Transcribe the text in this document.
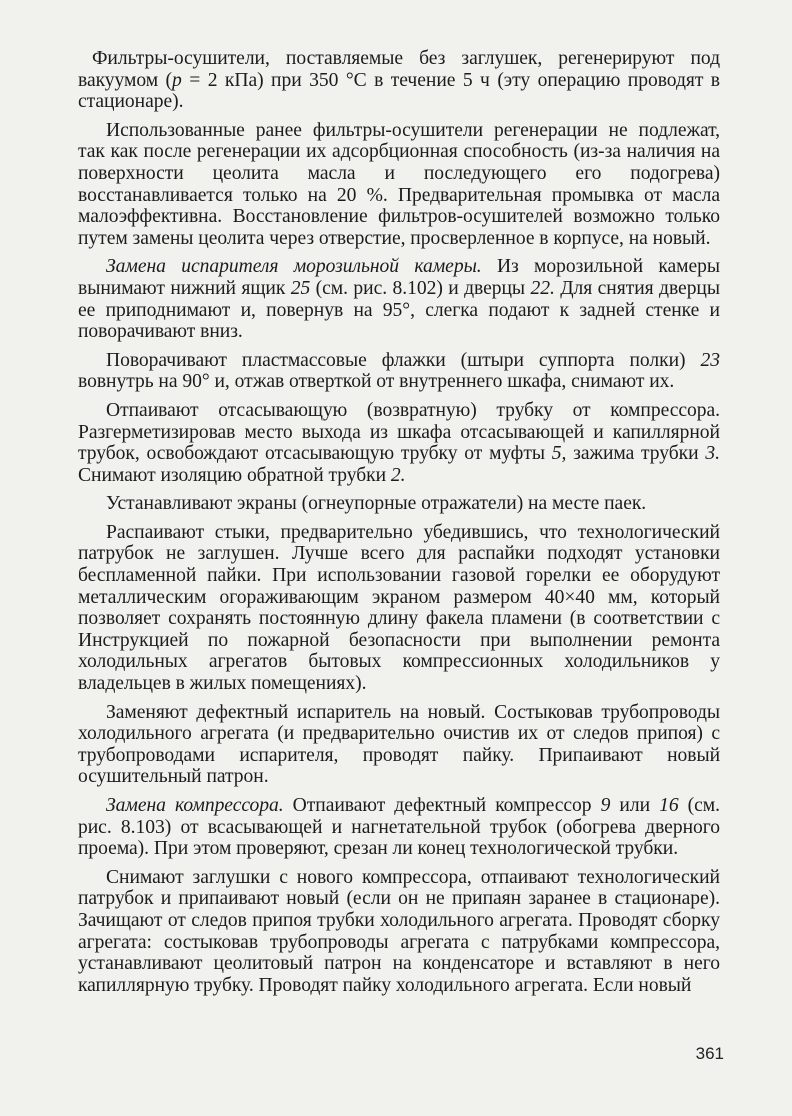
Фильтры-осушители, поставляемые без заглушек, регенерируют под вакуумом (p = 2 кПа) при 350 °С в течение 5 ч (эту операцию проводят в стационаре).

Использованные ранее фильтры-осушители регенерации не подлежат, так как после регенерации их адсорбционная способность (из-за наличия на поверхности цеолита масла и последующего его подогрева) восстанавливается только на 20 %. Предварительная промывка от масла малоэффективна. Восстановление фильтров-осушителей возможно только путем замены цеолита через отверстие, просверленное в корпусе, на новый.

Замена испарителя морозильной камеры. Из морозильной камеры вынимают нижний ящик 25 (см. рис. 8.102) и дверцы 22. Для снятия дверцы ее приподнимают и, повернув на 95°, слегка подают к задней стенке и поворачивают вниз.

Поворачивают пластмассовые флажки (штыри суппорта полки) 23 вовнутрь на 90° и, отжав отверткой от внутреннего шкафа, снимают их.

Отпаивают отсасывающую (возвратную) трубку от компрессора. Разгерметизировав место выхода из шкафа отсасывающей и капиллярной трубок, освобождают отсасывающую трубку от муфты 5, зажима трубки 3. Снимают изоляцию обратной трубки 2.

Устанавливают экраны (огнеупорные отражатели) на месте паек.

Распаивают стыки, предварительно убедившись, что технологический патрубок не заглушен. Лучше всего для распайки подходят установки беспламенной пайки. При использовании газовой горелки ее оборудуют металлическим огораживающим экраном размером 40×40 мм, который позволяет сохранять постоянную длину факела пламени (в соответствии с Инструкцией по пожарной безопасности при выполнении ремонта холодильных агрегатов бытовых компрессионных холодильников у владельцев в жилых помещениях).

Заменяют дефектный испаритель на новый. Состыковав трубопроводы холодильного агрегата (и предварительно очистив их от следов припоя) с трубопроводами испарителя, проводят пайку. Припаивают новый осушительный патрон.

Замена компрессора. Отпаивают дефектный компрессор 9 или 16 (см. рис. 8.103) от всасывающей и нагнетательной трубок (обогрева дверного проема). При этом проверяют, срезан ли конец технологической трубки.

Снимают заглушки с нового компрессора, отпаивают технологический патрубок и припаивают новый (если он не припаян заранее в стационаре). Зачищают от следов припоя трубки холодильного агрегата. Проводят сборку агрегата: состыковав трубопроводы агрегата с патрубками компрессора, устанавливают цеолитовый патрон на конденсаторе и вставляют в него капиллярную трубку. Проводят пайку холодильного агрегата. Если новый

361
